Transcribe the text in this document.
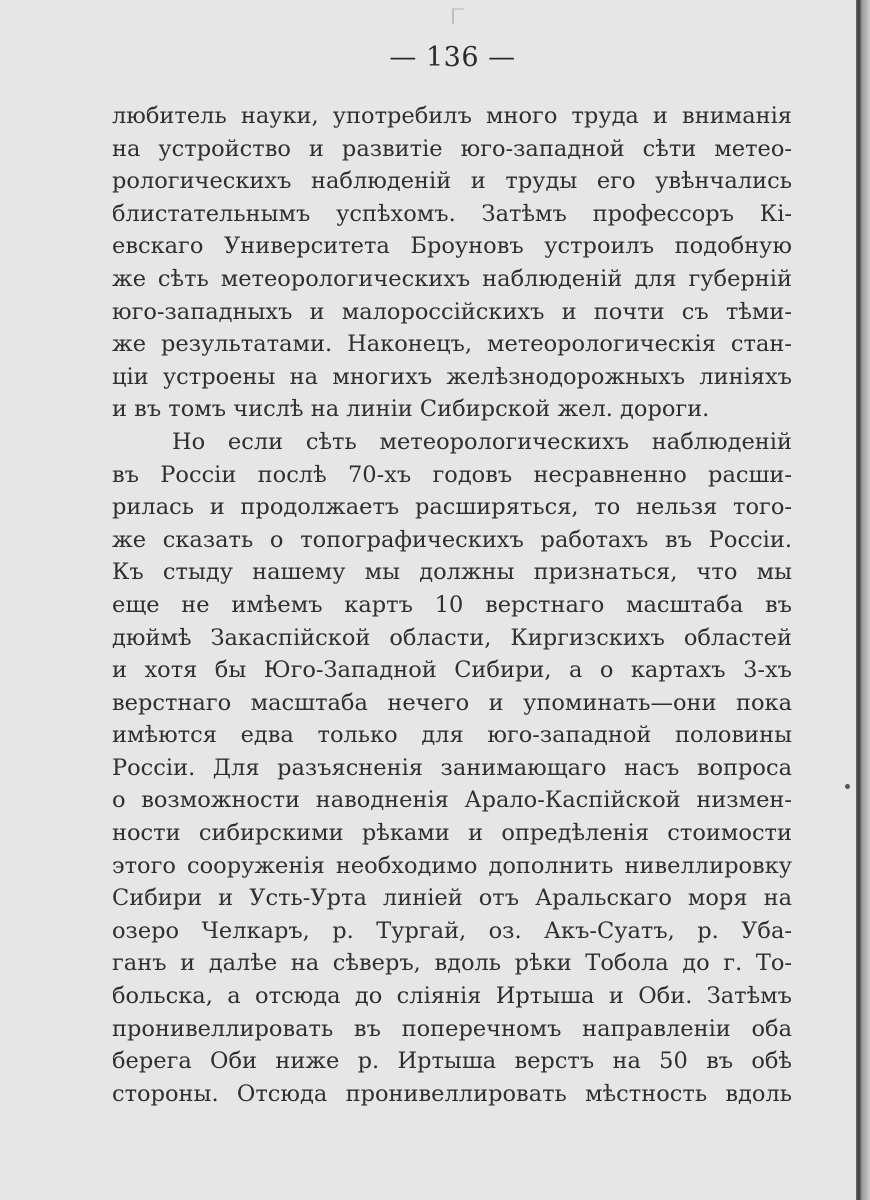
— 136 —
любитель науки, употребилъ много труда и вниманія
на устройство и развитіе юго-западной сѣти метео-
рологическихъ наблюденій и труды его увѣнчались
блистательнымъ успѣхомъ. Затѣмъ профессоръ Кі-
евскаго Университета Броуновъ устроилъ подобную
же сѣть метеорологическихъ наблюденій для губерній
юго-западныхъ и малороссійскихъ и почти съ тѣми-
же результатами. Наконецъ, метеорологическія стан-
ціи устроены на многихъ желѣзнодорожныхъ линіяхъ
и въ томъ числѣ на линіи Сибирской жел. дороги.
Но если сѣть метеорологическихъ наблюденій
въ Россіи послѣ 70-хъ годовъ несравненно расши-
рилась и продолжаетъ расширяться, то нельзя того-
же сказать о топографическихъ работахъ въ Россіи.
Къ стыду нашему мы должны признаться, что мы
еще не имѣемъ картъ 10 верстнаго масштаба въ
дюймѣ Закаспійской области, Киргизскихъ областей
и хотя бы Юго-Западной Сибири, а о картахъ 3-хъ
верстнаго масштаба нечего и упоминать—они пока
имѣются едва только для юго-западной половины
Россіи. Для разъясненія занимающаго насъ вопроса
о возможности наводненія Арало-Каспійской низмен-
ности сибирскими рѣками и опредѣленія стоимости
этого сооруженія необходимо дополнить нивеллировку
Сибири и Усть-Урта линіей отъ Аральскаго моря на
озеро Челкаръ, р. Тургай, оз. Акъ-Суатъ, р. Уба-
ганъ и далѣе на сѣверъ, вдоль рѣки Тобола до г. То-
больска, а отсюда до сліянія Иртыша и Оби. Затѣмъ
пронивеллировать въ поперечномъ направленіи оба
берега Оби ниже р. Иртыша верстъ на 50 въ обѣ
стороны. Отсюда пронивеллировать мѣстность вдоль
